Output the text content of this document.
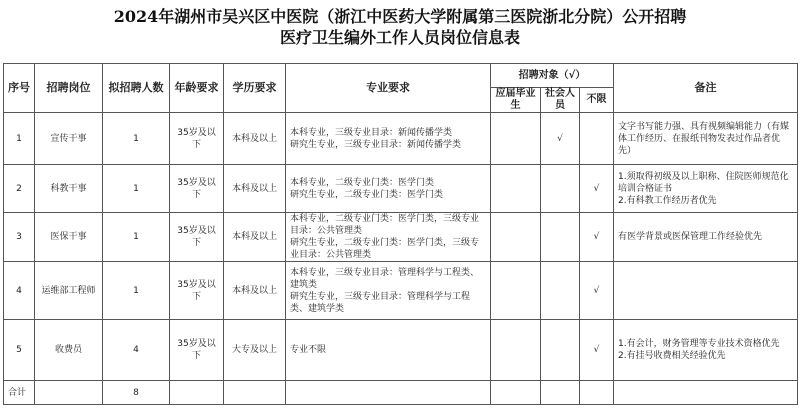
2024年湖州市吴兴区中医院（浙江中医药大学附属第三医院浙北分院）公开招聘
医疗卫生编外工作人员岗位信息表
序号	招聘岗位	拟招聘人数	年龄要求	学历要求	专业要求	招聘对象（√）			备注
						应届毕业生	社会人员	不限	
1	宣传干事	1	35岁及以下	本科及以上	本科专业，三级专业目录：新闻传播学类
研究生专业，三级专业目录：新闻传播学类		√		文字书写能力强、具有视频编辑能力（有媒体工作经历、在报纸刊物发表过作品者优先）

2	科教干事	1	35岁及以下	本科及以上	本科专业，二级专业门类：医学门类
研究生专业，二级专业门类：医学门类			√	1.须取得初级及以上职称、住院医师规范化培训合格证书
2.有科教工作经历者优先

3	医保干事	1	35岁及以下	本科及以上	本科专业，二级专业门类：医学门类，三级专业目录：公共管理类
研究生专业，二级专业门类：医学门类，三级专业目录：公共管理类			√	有医学背景或医保管理工作经验优先

4	运维部工程师	1	35岁及以下	本科及以上	本科专业，三级专业目录：管理科学与工程类、建筑类
研究生专业，三级专业目录：管理科学与工程类、建筑学类			√	
5	收费员	4	35岁及以下	大专及以上	专业不限			√	1.有会计，财务管理等专业技术资格优先
2.有挂号收费相关经验优先

合计		8							
